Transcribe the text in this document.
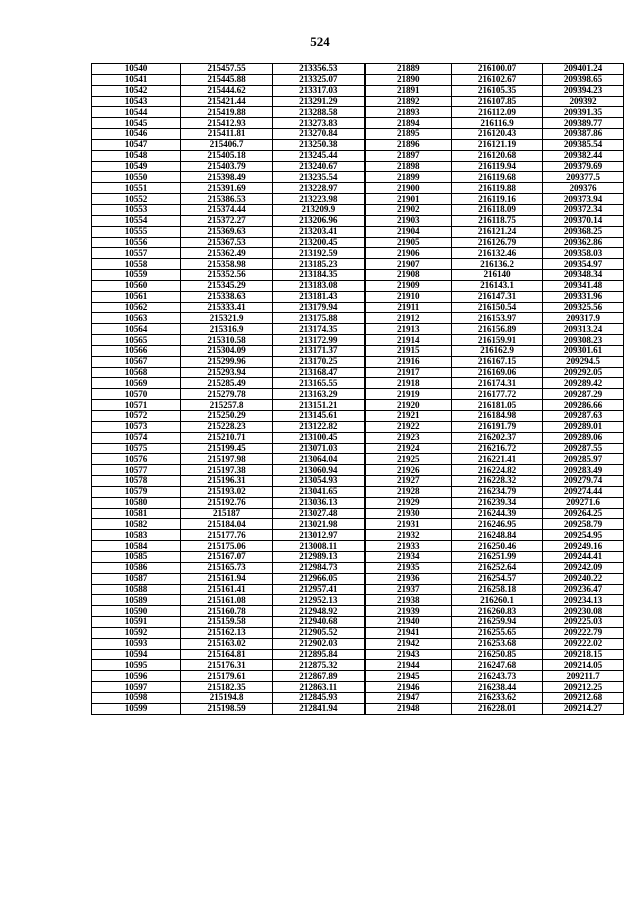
524
10540	215457.55	213356.53	21889	216100.07	209401.24
10541	215445.88	213325.07	21890	216102.67	209398.65
10542	215444.62	213317.03	21891	216105.35	209394.23
10543	215421.44	213291.29	21892	216107.85	209392
10544	215419.88	213288.58	21893	216112.09	209391.35
10545	215412.93	213273.83	21894	216116.9	209389.77
10546	215411.81	213270.84	21895	216120.43	209387.86
10547	215406.7	213250.38	21896	216121.19	209385.54
10548	215405.18	213245.44	21897	216120.68	209382.44
10549	215403.79	213240.67	21898	216119.94	209379.69
10550	215398.49	213235.54	21899	216119.68	209377.5
10551	215391.69	213228.97	21900	216119.88	209376
10552	215386.53	213223.98	21901	216119.16	209373.94
10553	215374.44	213209.9	21902	216118.09	209372.34
10554	215372.27	213206.96	21903	216118.75	209370.14
10555	215369.63	213203.41	21904	216121.24	209368.25
10556	215367.53	213200.45	21905	216126.79	209362.86
10557	215362.49	213192.59	21906	216132.46	209358.03
10558	215358.98	213185.23	21907	216136.2	209354.97
10559	215352.56	213184.35	21908	216140	209348.34
10560	215345.29	213183.08	21909	216143.1	209341.48
10561	215338.63	213181.43	21910	216147.31	209331.96
10562	215333.41	213179.94	21911	216150.54	209325.56
10563	215321.9	213175.88	21912	216153.97	209317.9
10564	215316.9	213174.35	21913	216156.89	209313.24
10565	215310.58	213172.99	21914	216159.91	209308.23
10566	215304.09	213171.37	21915	216162.9	209301.61
10567	215299.96	213170.25	21916	216167.15	209294.5
10568	215293.94	213168.47	21917	216169.06	209292.05
10569	215285.49	213165.55	21918	216174.31	209289.42
10570	215279.78	213163.29	21919	216177.72	209287.29
10571	215257.8	213151.21	21920	216181.05	209286.66
10572	215250.29	213145.61	21921	216184.98	209287.63
10573	215228.23	213122.82	21922	216191.79	209289.01
10574	215210.71	213100.45	21923	216202.37	209289.06
10575	215199.45	213071.03	21924	216216.72	209287.55
10576	215197.98	213064.04	21925	216221.41	209285.97
10577	215197.38	213060.94	21926	216224.82	209283.49
10578	215196.31	213054.93	21927	216228.32	209279.74
10579	215193.02	213041.65	21928	216234.79	209274.44
10580	215192.76	213036.13	21929	216239.34	209271.6
10581	215187	213027.48	21930	216244.39	209264.25
10582	215184.04	213021.98	21931	216246.95	209258.79
10583	215177.76	213012.97	21932	216248.84	209254.95
10584	215175.06	213008.11	21933	216250.46	209249.16
10585	215167.07	212989.13	21934	216251.99	209244.41
10586	215165.73	212984.73	21935	216252.64	209242.09
10587	215161.94	212966.05	21936	216254.57	209240.22
10588	215161.41	212957.41	21937	216258.18	209236.47
10589	215161.08	212952.13	21938	216260.1	209234.13
10590	215160.78	212948.92	21939	216260.83	209230.08
10591	215159.58	212940.68	21940	216259.94	209225.03
10592	215162.13	212905.52	21941	216255.65	209222.79
10593	215163.02	212902.03	21942	216253.68	209222.02
10594	215164.81	212895.84	21943	216250.85	209218.15
10595	215176.31	212875.32	21944	216247.68	209214.05
10596	215179.61	212867.89	21945	216243.73	209211.7
10597	215182.35	212863.11	21946	216238.44	209212.25
10598	215194.8	212845.93	21947	216233.62	209212.68
10599	215198.59	212841.94	21948	216228.01	209214.27
